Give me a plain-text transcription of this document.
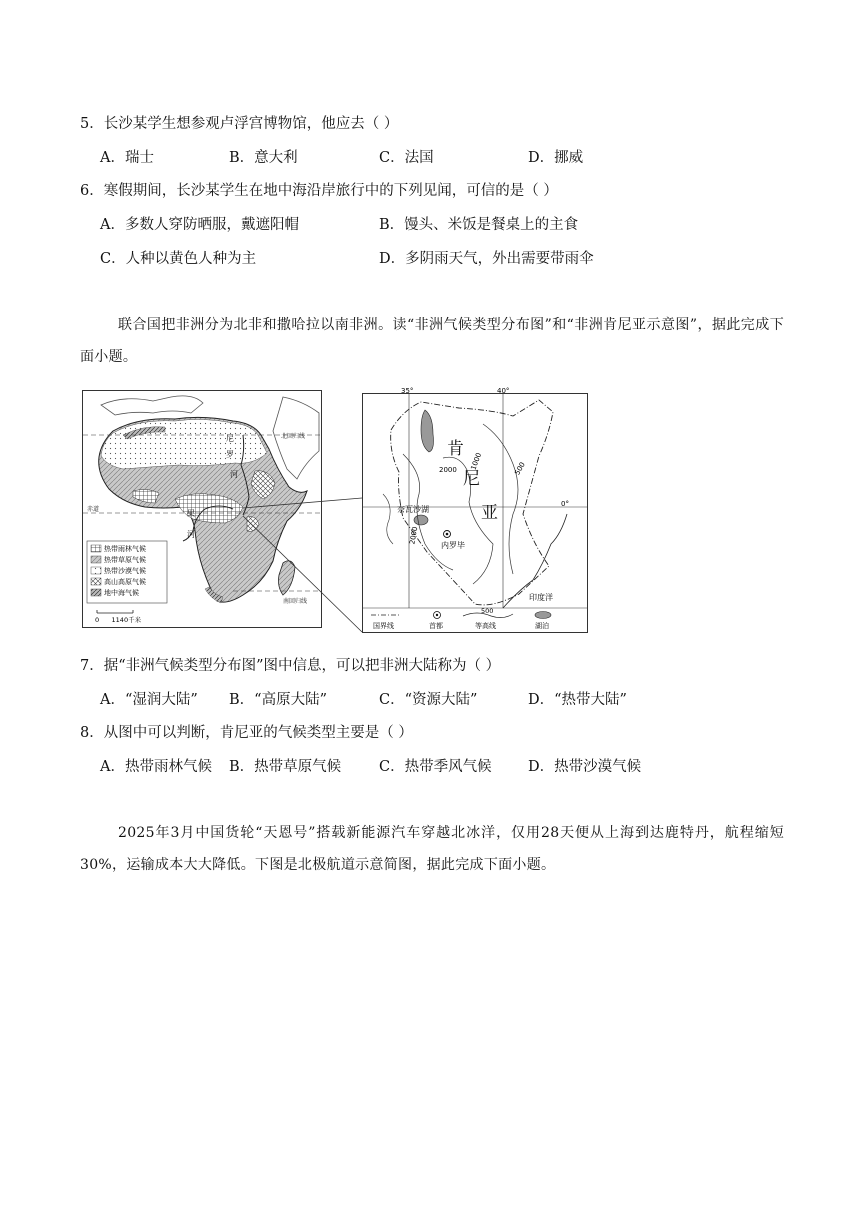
5．长沙某学生想参观卢浮宫博物馆，他应去（ ）
A．瑞士	B．意大利	C．法国	D．挪威
6．寒假期间，长沙某学生在地中海沿岸旅行中的下列见闻，可信的是（ ）
A．多数人穿防晒服，戴遮阳帽	B．馒头、米饭是餐桌上的主食
C．人种以黄色人种为主	D．多阴雨天气，外出需要带雨伞
联合国把非洲分为北非和撒哈拉以南非洲。读“非洲气候类型分布图”和“非洲肯尼亚示意图”，据此完成下面小题。
北回归线
赤道
南回归线
尼
罗
河
果
河
热带雨林气候
热带草原气候
热带沙漠气候
高山高原气候
地中海气候
0      1140千米
35°	40°
0°
肯
尼
亚
2000 1000	500
2000
奈瓦沙湖
内罗毕
印度洋
国界线	首都
500
等高线	湖泊
7．据“非洲气候类型分布图”图中信息，可以把非洲大陆称为（ ）
A．“湿润大陆” B．“高原大陆”	C．“资源大陆”	D．“热带大陆”
8．从图中可以判断，肯尼亚的气候类型主要是（ ）
A．热带雨林气候 B．热带草原气候	C．热带季风气候	D．热带沙漠气候
2025年3月中国货轮“天恩号”搭载新能源汽车穿越北冰洋，仅用28天便从上海到达鹿特丹，航程缩短30%，运输成本大大降低。下图是北极航道示意简图，据此完成下面小题。
